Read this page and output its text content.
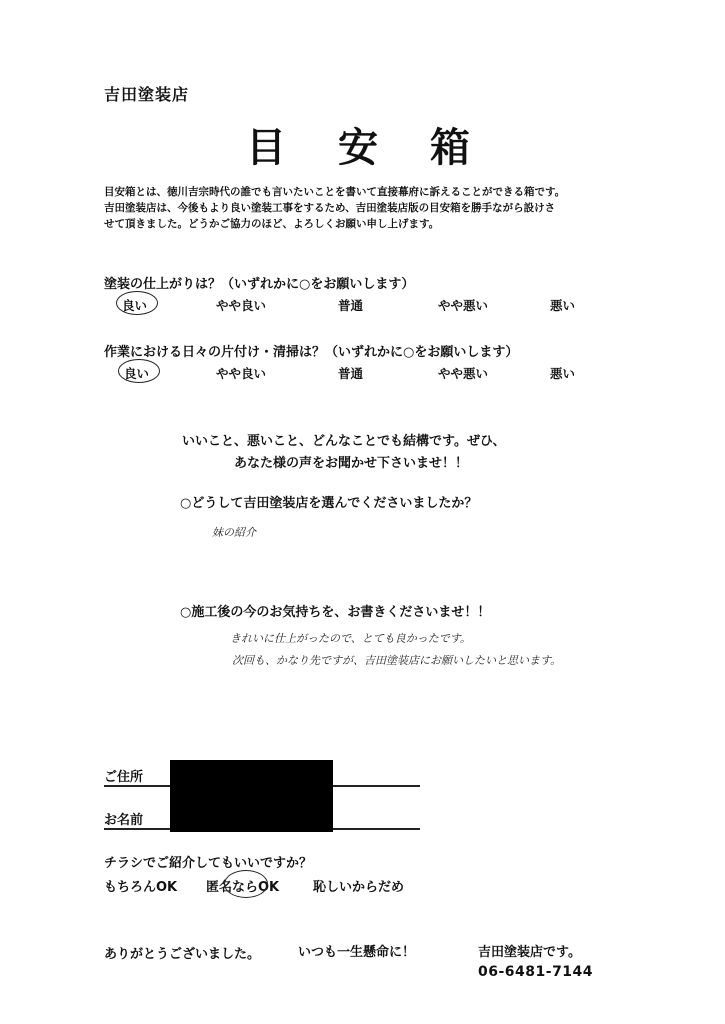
吉田塗装店
目安箱
目安箱とは、徳川吉宗時代の誰でも言いたいことを書いて直接幕府に訴えることができる箱です。
吉田塗装店は、今後もより良い塗装工事をするため、吉田塗装店版の目安箱を勝手ながら設けさ
せて頂きました。どうかご協力のほど、よろしくお願い申し上げます。
塗装の仕上がりは？（いずれかに○をお願いします）
良い	やや良い	普通	やや悪い	悪い
作業における日々の片付け・清掃は？（いずれかに○をお願いします）
良い	やや良い	普通	やや悪い	悪い
いいこと、悪いこと、どんなことでも結構です。ぜひ、
あなた様の声をお聞かせ下さいませ！！
○どうして吉田塗装店を選んでくださいましたか？
妹の紹介
○施工後の今のお気持ちを、お書きくださいませ！！
きれいに仕上がったので、とても良かったです。
次回も、かなり先ですが、吉田塗装店にお願いしたいと思います。
ご住所
お名前
チラシでご紹介してもいいですか？
もちろんOK 匿名ならOK	恥しいからだめ
ありがとうございました。	いつも一生懸命に！	吉田塗装店です。
06-6481-7144
